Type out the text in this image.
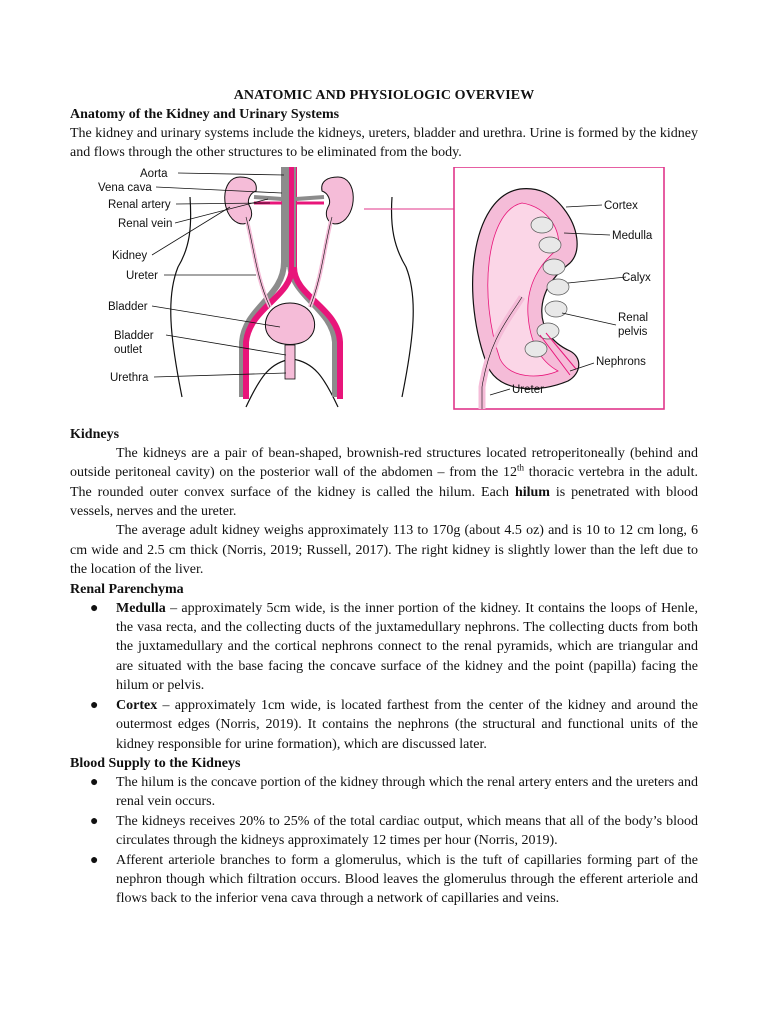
ANATOMIC AND PHYSIOLOGIC OVERVIEW

Anatomy of the Kidney and Urinary Systems

The kidney and urinary systems include the kidneys, ureters, bladder and urethra. Urine is formed by the kidney and flows through the other structures to be eliminated from the body.

Aorta
Vena cava
Renal artery
Renal vein
Kidney
Ureter
Bladder
Bladder
outlet
Urethra
Cortex
Medulla
Calyx
Renal
pelvis
Nephrons
Ureter

Kidneys

The kidneys are a pair of bean-shaped, brownish-red structures located retroperitoneally (behind and outside peritoneal cavity) on the posterior wall of the abdomen – from the 12th thoracic vertebra in the adult. The rounded outer convex surface of the kidney is called the hilum. Each hilum is penetrated with blood vessels, nerves and the ureter.

The average adult kidney weighs approximately 113 to 170g (about 4.5 oz) and is 10 to 12 cm long, 6 cm wide and 2.5 cm thick (Norris, 2019; Russell, 2017). The right kidney is slightly lower than the left due to the location of the liver.

Renal Parenchyma

● Medulla – approximately 5cm wide, is the inner portion of the kidney. It contains the loops of Henle, the vasa recta, and the collecting ducts of the juxtamedullary nephrons. The collecting ducts from both the juxtamedullary and the cortical nephrons connect to the renal pyramids, which are triangular and are situated with the base facing the concave surface of the kidney and the point (papilla) facing the hilum or pelvis.
● Cortex – approximately 1cm wide, is located farthest from the center of the kidney and around the outermost edges (Norris, 2019). It contains the nephrons (the structural and functional units of the kidney responsible for urine formation), which are discussed later.

Blood Supply to the Kidneys

● The hilum is the concave portion of the kidney through which the renal artery enters and the ureters and renal vein occurs.
● The kidneys receives 20% to 25% of the total cardiac output, which means that all of the body’s blood circulates through the kidneys approximately 12 times per hour (Norris, 2019).
● Afferent arteriole branches to form a glomerulus, which is the tuft of capillaries forming part of the nephron though which filtration occurs. Blood leaves the glomerulus through the efferent arteriole and flows back to the inferior vena cava through a network of capillaries and veins.
